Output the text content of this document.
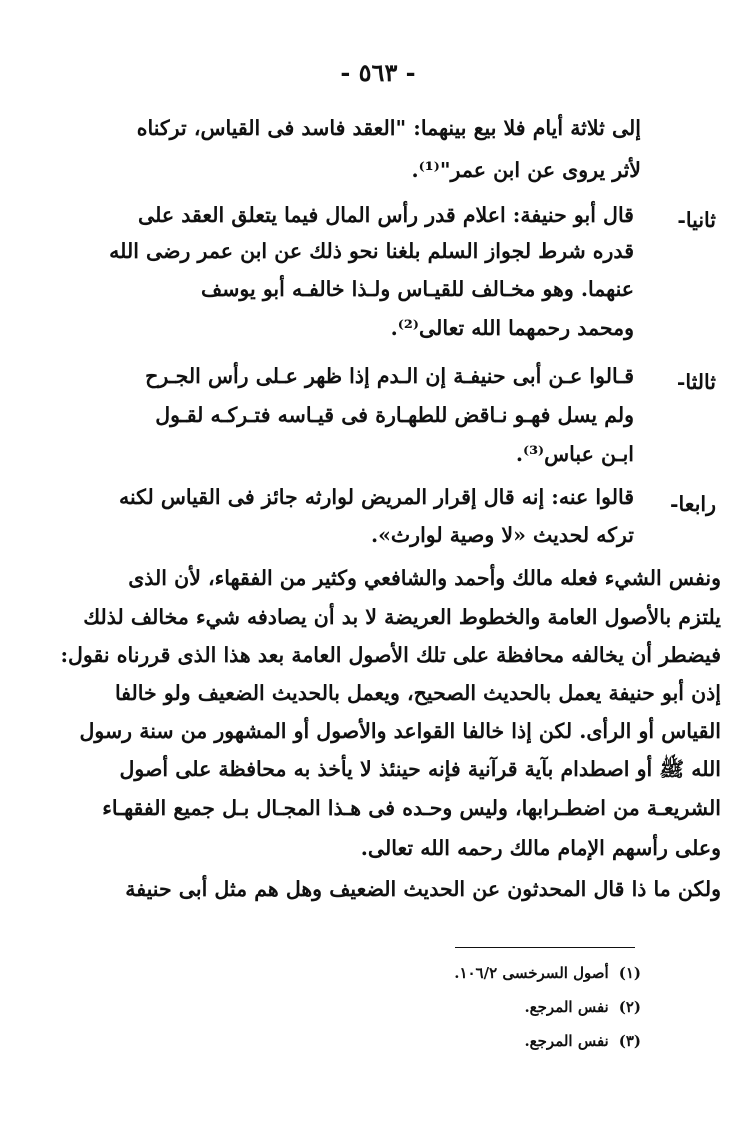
- ٥٦٣ -
إلى ثلاثة أيام فلا بيع بينهما: "العقد فاسد فى القياس، تركناه
لأثر يروى عن ابن عمر"⁽¹⁾.
ثانيا-
قال أبو حنيفة: اعلام قدر رأس المال فيما يتعلق العقد على
قدره شرط لجواز السلم بلغنا نحو ذلك عن ابن عمر رضى الله
عنهما. وهو مخـالف للقيـاس ولـذا خالفـه أبو يوسف
ومحمد رحمهما الله تعالى⁽²⁾.
ثالثا-
قـالوا عـن أبى حنيفـة إن الـدم إذا ظهر عـلى رأس الجـرح
ولم يسل فهـو نـاقض للطهـارة فى قيـاسه فتـركـه لقـول
ابـن عباس⁽³⁾.
رابعا-
قالوا عنه: إنه قال إقرار المريض لوارثه جائز فى القياس لكنه
تركه لحديث «لا وصية لوارث».
ونفس الشيء فعله مالك وأحمد والشافعي وكثير من الفقهاء، لأن الذى
يلتزم بالأصول العامة والخطوط العريضة لا بد أن يصادفه شيء مخالف لذلك
فيضطر أن يخالفه محافظة على تلك الأصول العامة بعد هذا الذى قررناه نقول:
إذن أبو حنيفة يعمل بالحديث الصحيح، ويعمل بالحديث الضعيف ولو خالفا
القياس أو الرأى. لكن إذا خالفا القواعد والأصول أو المشهور من سنة رسول
الله ﷺ أو اصطدام بآية قرآنية فإنه حينئذ لا يأخذ به محافظة على أصول
الشريعـة من اضطـرابها، وليس وحـده فى هـذا المجـال بـل جميع الفقهـاء
وعلى رأسهم الإمام مالك رحمه الله تعالى.
ولكن ما ذا قال المحدثون عن الحديث الضعيف وهل هم مثل أبى حنيفة
(١)أصول السرخسى ١٠٦/٢.
(٢)نفس المرجع.
(٣)نفس المرجع.
